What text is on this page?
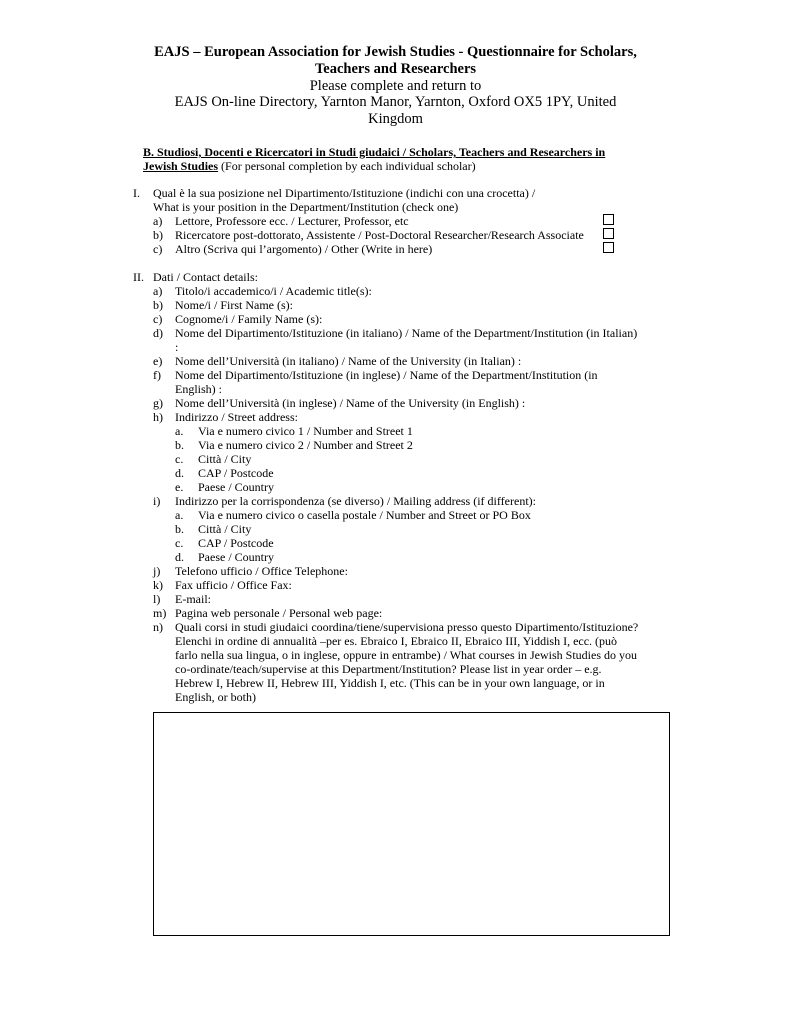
EAJS – European Association for Jewish Studies - Questionnaire for Scholars,
Teachers and Researchers
Please complete and return to
EAJS On-line Directory, Yarnton Manor, Yarnton, Oxford OX5 1PY, United
Kingdom
B. Studiosi, Docenti e Ricercatori in Studi giudaici / Scholars, Teachers and Researchers in
Jewish Studies (For personal completion by each individual scholar)
I. Qual è la sua posizione nel Dipartimento/Istituzione (indichi con una crocetta) /
What is your position in the Department/Institution (check one)
a) Lettore, Professore ecc. / Lecturer, Professor, etc
b) Ricercatore post-dottorato, Assistente / Post-Doctoral Researcher/Research Associate
c) Altro (Scriva qui l’argomento) / Other (Write in here)
II. Dati / Contact details:
a) Titolo/i accademico/i / Academic title(s):
b) Nome/i / First Name (s):
c) Cognome/i / Family Name (s):
d) Nome del Dipartimento/Istituzione (in italiano) / Name of the Department/Institution (in Italian)
:
e) Nome dell’Università (in italiano) / Name of the University (in Italian) :
f) Nome del Dipartimento/Istituzione (in inglese) / Name of the Department/Institution (in
English) :
g) Nome dell’Università (in inglese) / Name of the University (in English) :
h) Indirizzo / Street address:
a. Via e numero civico 1 / Number and Street 1
b. Via e numero civico 2 / Number and Street 2
c. Città / City
d. CAP / Postcode
e. Paese / Country
i) Indirizzo per la corrispondenza (se diverso) / Mailing address (if different):
a. Via e numero civico o casella postale / Number and Street or PO Box
b. Città / City
c. CAP / Postcode
d. Paese / Country
j) Telefono ufficio / Office Telephone:
k) Fax ufficio / Office Fax:
l) E-mail:
m) Pagina web personale / Personal web page:
n) Quali corsi in studi giudaici coordina/tiene/supervisiona presso questo Dipartimento/Istituzione?
Elenchi in ordine di annualità –per es. Ebraico I, Ebraico II, Ebraico III, Yiddish I, ecc. (può
farlo nella sua lingua, o in inglese, oppure in entrambe) / What courses in Jewish Studies do you
co-ordinate/teach/supervise at this Department/Institution? Please list in year order – e.g.
Hebrew I, Hebrew II, Hebrew III, Yiddish I, etc. (This can be in your own language, or in
English, or both)
